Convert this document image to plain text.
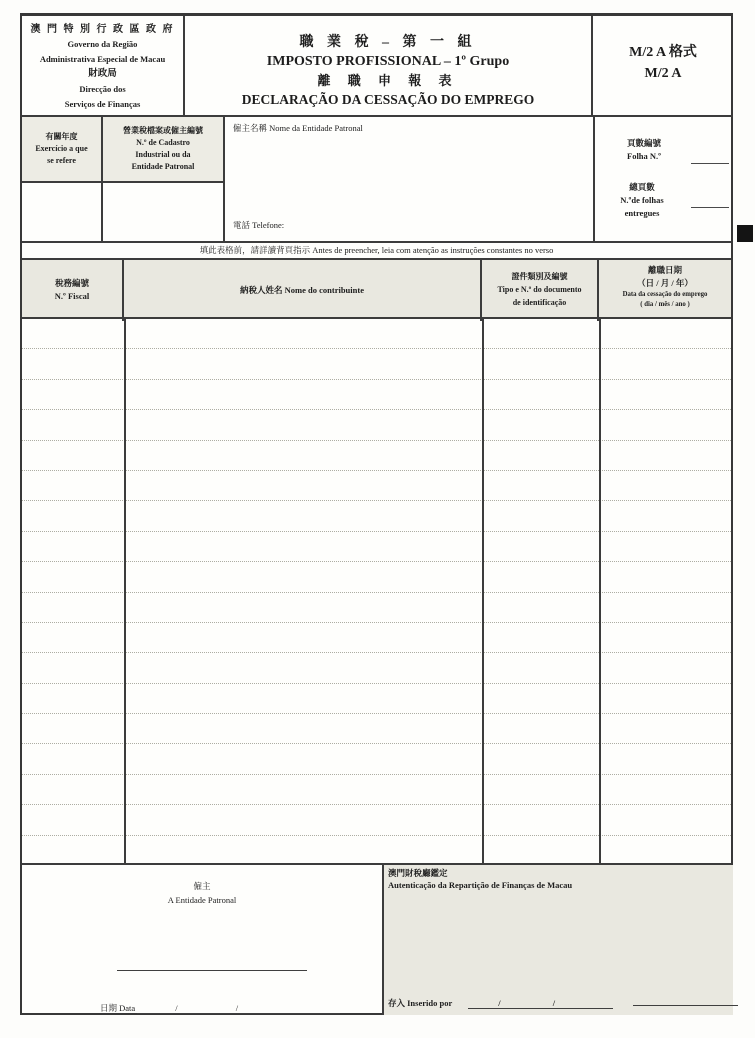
澳 門 特 別 行 政 區 政 府
Governo da Região
Administrativa Especial de Macau
財政局
Direcção dos
Serviços de Finanças
職 業 稅 – 第 一 組
IMPOSTO PROFISSIONAL – 1º Grupo
離 職 申 報 表
DECLARAÇÃO DA CESSAÇÃO DO EMPREGO
M/2 A 格式
M/2 A
有關年度
Exercício a que
se refere
營業稅檔案或僱主編號
N.º de Cadastro
Industrial ou da
Entidade Patronal
僱主名稱 Nome da Entidade Patronal
電話 Telefone:
頁數編號
Folha N.º
總頁數
N.ºde folhas
entregues
填此表格前，請詳讀背頁指示 Antes de preencher, leia com atenção as instruções constantes no verso
稅務編號
N.º Fiscal
納稅人姓名 Nome do contribuinte
證件類別及編號
Tipo e N.º do documento
de identificação
離職日期
（日 / 月 / 年）
Data da cessação do emprego
( dia / mês / ano )
僱主
A Entidade Patronal
日期 Data	/ /
澳門財稅廳鑑定
Autenticação da Repartição de Finanças de Macau
存入 Inserido por	/ /
